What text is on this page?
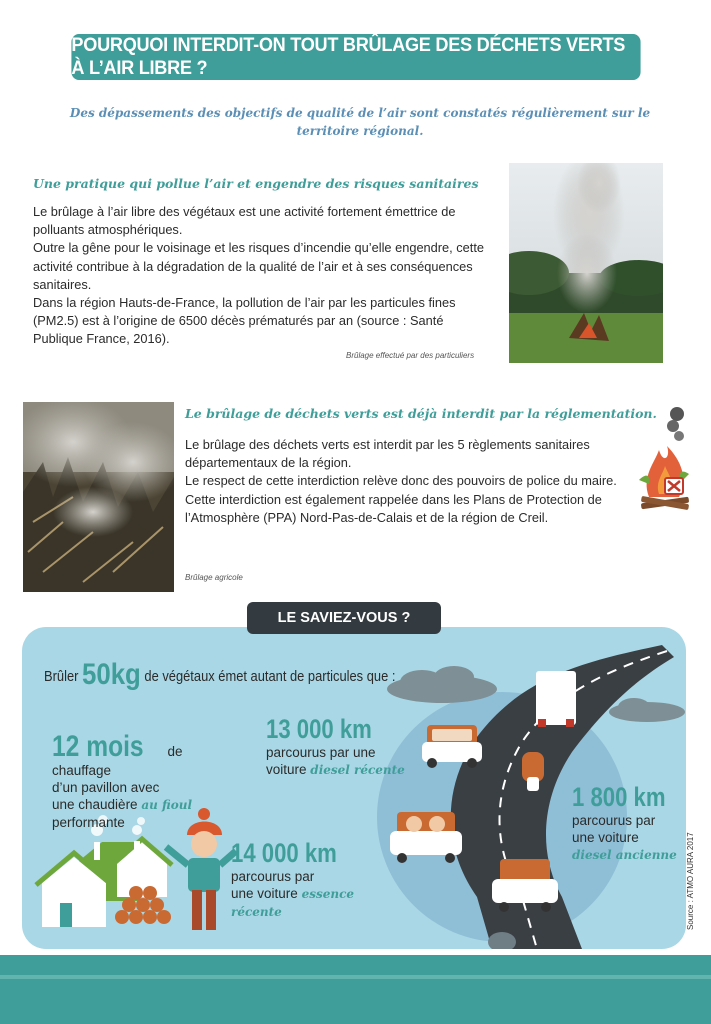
POURQUOI INTERDIT-ON TOUT BRÛLAGE DES DÉCHETS VERTS À L’AIR LIBRE ?
Des dépassements des objectifs de qualité de l’air sont constatés régulièrement sur le territoire régional.
Une pratique qui pollue l’air et engendre des risques sanitaires

Le brûlage à l’air libre des végétaux est une activité fortement émettrice de polluants atmosphériques.

Outre la gêne pour le voisinage et les risques d’incendie qu’elle engendre, cette activité contribue à la dégradation de la qualité de l’air et à ses conséquences sanitaires.

Dans la région Hauts-de-France, la pollution de l’air par les particules fines (PM2.5) est à l’origine de 6500 décès prématurés par an (source : Santé Publique France, 2016).

Brûlage effectué par des particuliers
Brûlage agricole
Le brûlage de déchets verts est déjà interdit par la réglementation.

Le brûlage des déchets verts est interdit par les 5 règlements sanitaires départementaux de la région.

Le respect de cette interdiction relève donc des pouvoirs de police du maire.

Cette interdiction est également rappelée dans les Plans de Protection de l’Atmosphère (PPA) Nord-Pas-de-Calais et de la région de Creil.

LE SAVIEZ-VOUS ?
Brûler 50kg de végétaux émet autant de particules que :
12 mois de chauffage
d’un pavillon avec
une chaudière au fioul
performante
13 000 km
parcourus par une
voiture diesel récente
14 000 km
parcourus par
une voiture essence récente
1 800 km
parcourus par
une voiture diesel ancienne	Source : ATMO AURA 2017
